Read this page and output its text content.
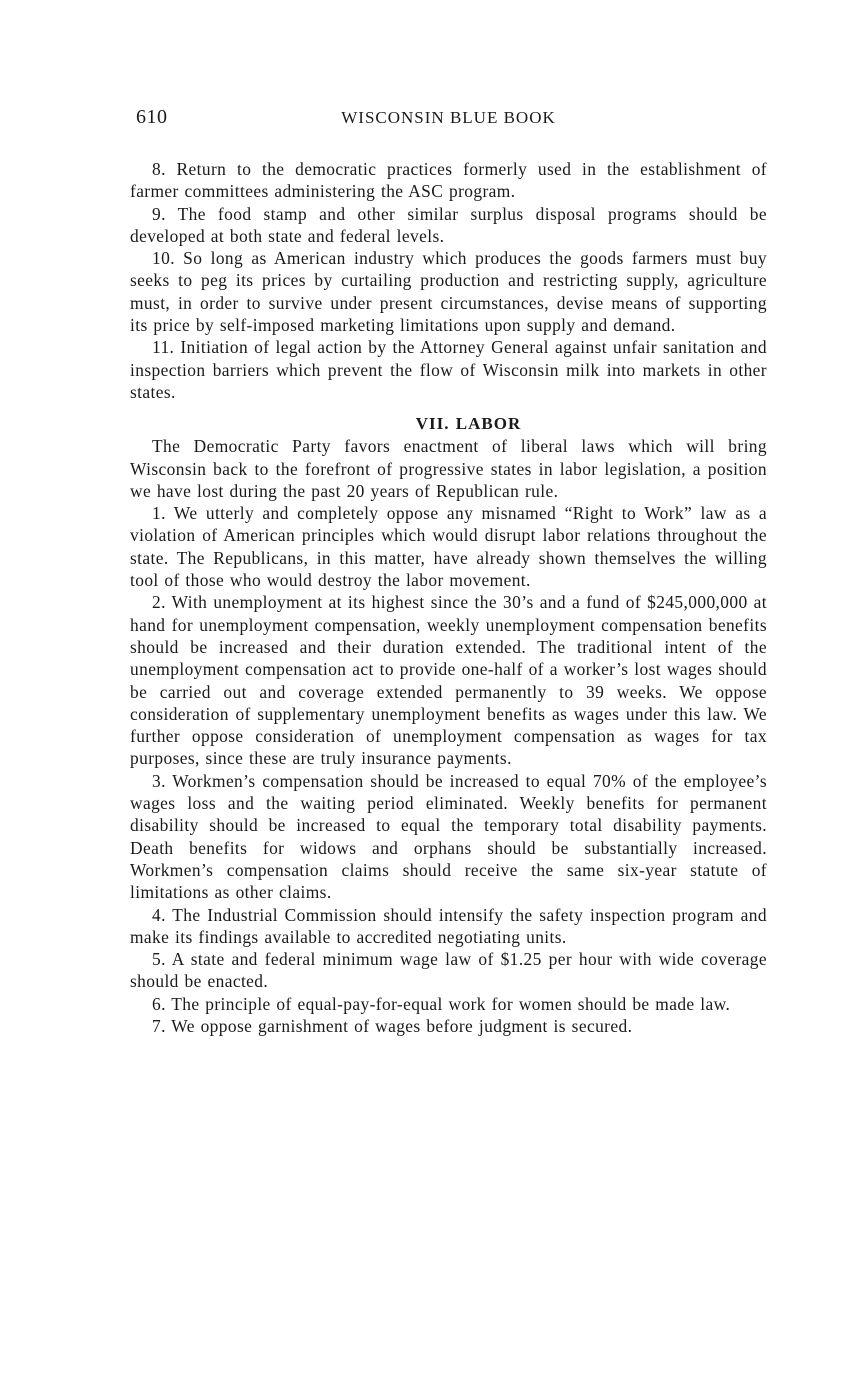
610	WISCONSIN BLUE BOOK

8. Return to the democratic practices formerly used in the establishment of farmer committees administering the ASC program.

9. The food stamp and other similar surplus disposal programs should be developed at both state and federal levels.

10. So long as American industry which produces the goods farmers must buy seeks to peg its prices by curtailing production and restricting supply, agriculture must, in order to survive under present circumstances, devise means of supporting its price by self-imposed marketing limitations upon supply and demand.

11. Initiation of legal action by the Attorney General against unfair sanitation and inspection barriers which prevent the flow of Wisconsin milk into markets in other states.

VII. LABOR

The Democratic Party favors enactment of liberal laws which will bring Wisconsin back to the forefront of progressive states in labor legislation, a position we have lost during the past 20 years of Republican rule.

1. We utterly and completely oppose any misnamed “Right to Work” law as a violation of American principles which would disrupt labor relations throughout the state. The Republicans, in this matter, have already shown themselves the willing tool of those who would destroy the labor movement.

2. With unemployment at its highest since the 30’s and a fund of $245,000,000 at hand for unemployment compensation, weekly unemployment compensation benefits should be increased and their duration extended. The traditional intent of the unemployment compensation act to provide one-half of a worker’s lost wages should be carried out and coverage extended permanently to 39 weeks. We oppose consideration of supplementary unemployment benefits as wages under this law. We further oppose consideration of unemployment compensation as wages for tax purposes, since these are truly insurance payments.

3. Workmen’s compensation should be increased to equal 70% of the employee’s wages loss and the waiting period eliminated. Weekly benefits for permanent disability should be increased to equal the temporary total disability payments. Death benefits for widows and orphans should be substantially increased. Workmen’s compensation claims should receive the same six-year statute of limitations as other claims.

4. The Industrial Commission should intensify the safety inspection program and make its findings available to accredited negotiating units.

5. A state and federal minimum wage law of $1.25 per hour with wide coverage should be enacted.

6. The principle of equal-pay-for-equal work for women should be made law.

7. We oppose garnishment of wages before judgment is secured.
